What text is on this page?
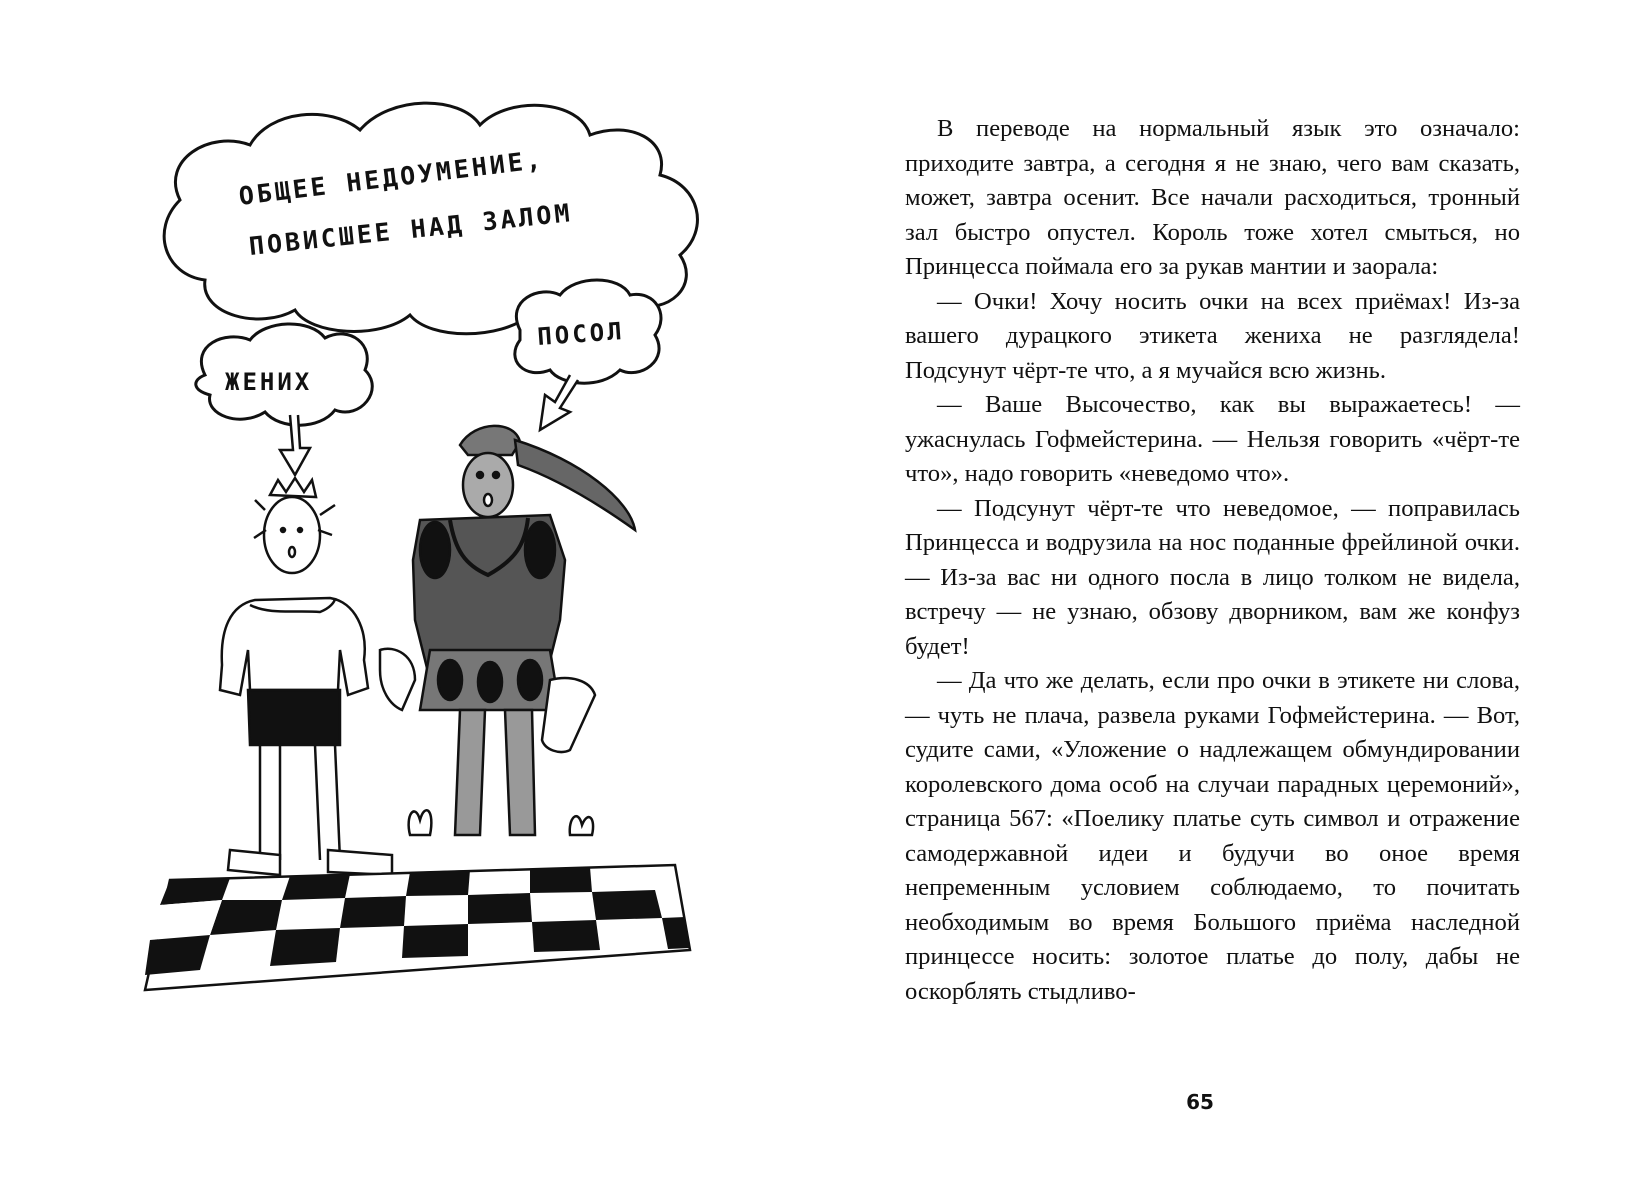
ОБЩЕЕ НЕДОУМЕНИЕ,
ПОВИСШЕЕ НАД ЗАЛОМ
ЖЕНИХ
ПОСОЛ

В переводе на нормальный язык это означало: приходите завтра, а сегодня я не знаю, чего вам сказать, может, завтра осенит. Все начали расходиться, тронный зал быстро опустел. Король тоже хотел смыться, но Принцесса поймала его за рукав мантии и заорала:

— Очки! Хочу носить очки на всех приёмах! Из-за вашего дурацкого этикета жениха не разглядела! Подсунут чёрт-те что, а я мучайся всю жизнь.

— Ваше Высочество, как вы выражаетесь! — ужаснулась Гофмейстерина. — Нельзя говорить «чёрт-те что», надо говорить «неведомо что».

— Подсунут чёрт-те что неведомое, — поправилась Принцесса и водрузила на нос поданные фрейлиной очки. — Из-за вас ни одного посла в лицо толком не видела, встречу — не узнаю, обзову дворником, вам же конфуз будет!

— Да что же делать, если про очки в этикете ни слова, — чуть не плача, развела руками Гофмейстерина. — Вот, судите сами, «Уложение о надлежащем обмундировании королевского дома особ на случаи парадных церемоний», страница 567: «Поелику платье суть символ и отражение самодержавной идеи и будучи во оное время непременным условием соблюдаемо, то почитать необходимым во время Большого приёма наследной принцессе носить: золотое платье до полу, дабы не оскорблять стыдливо-

65
